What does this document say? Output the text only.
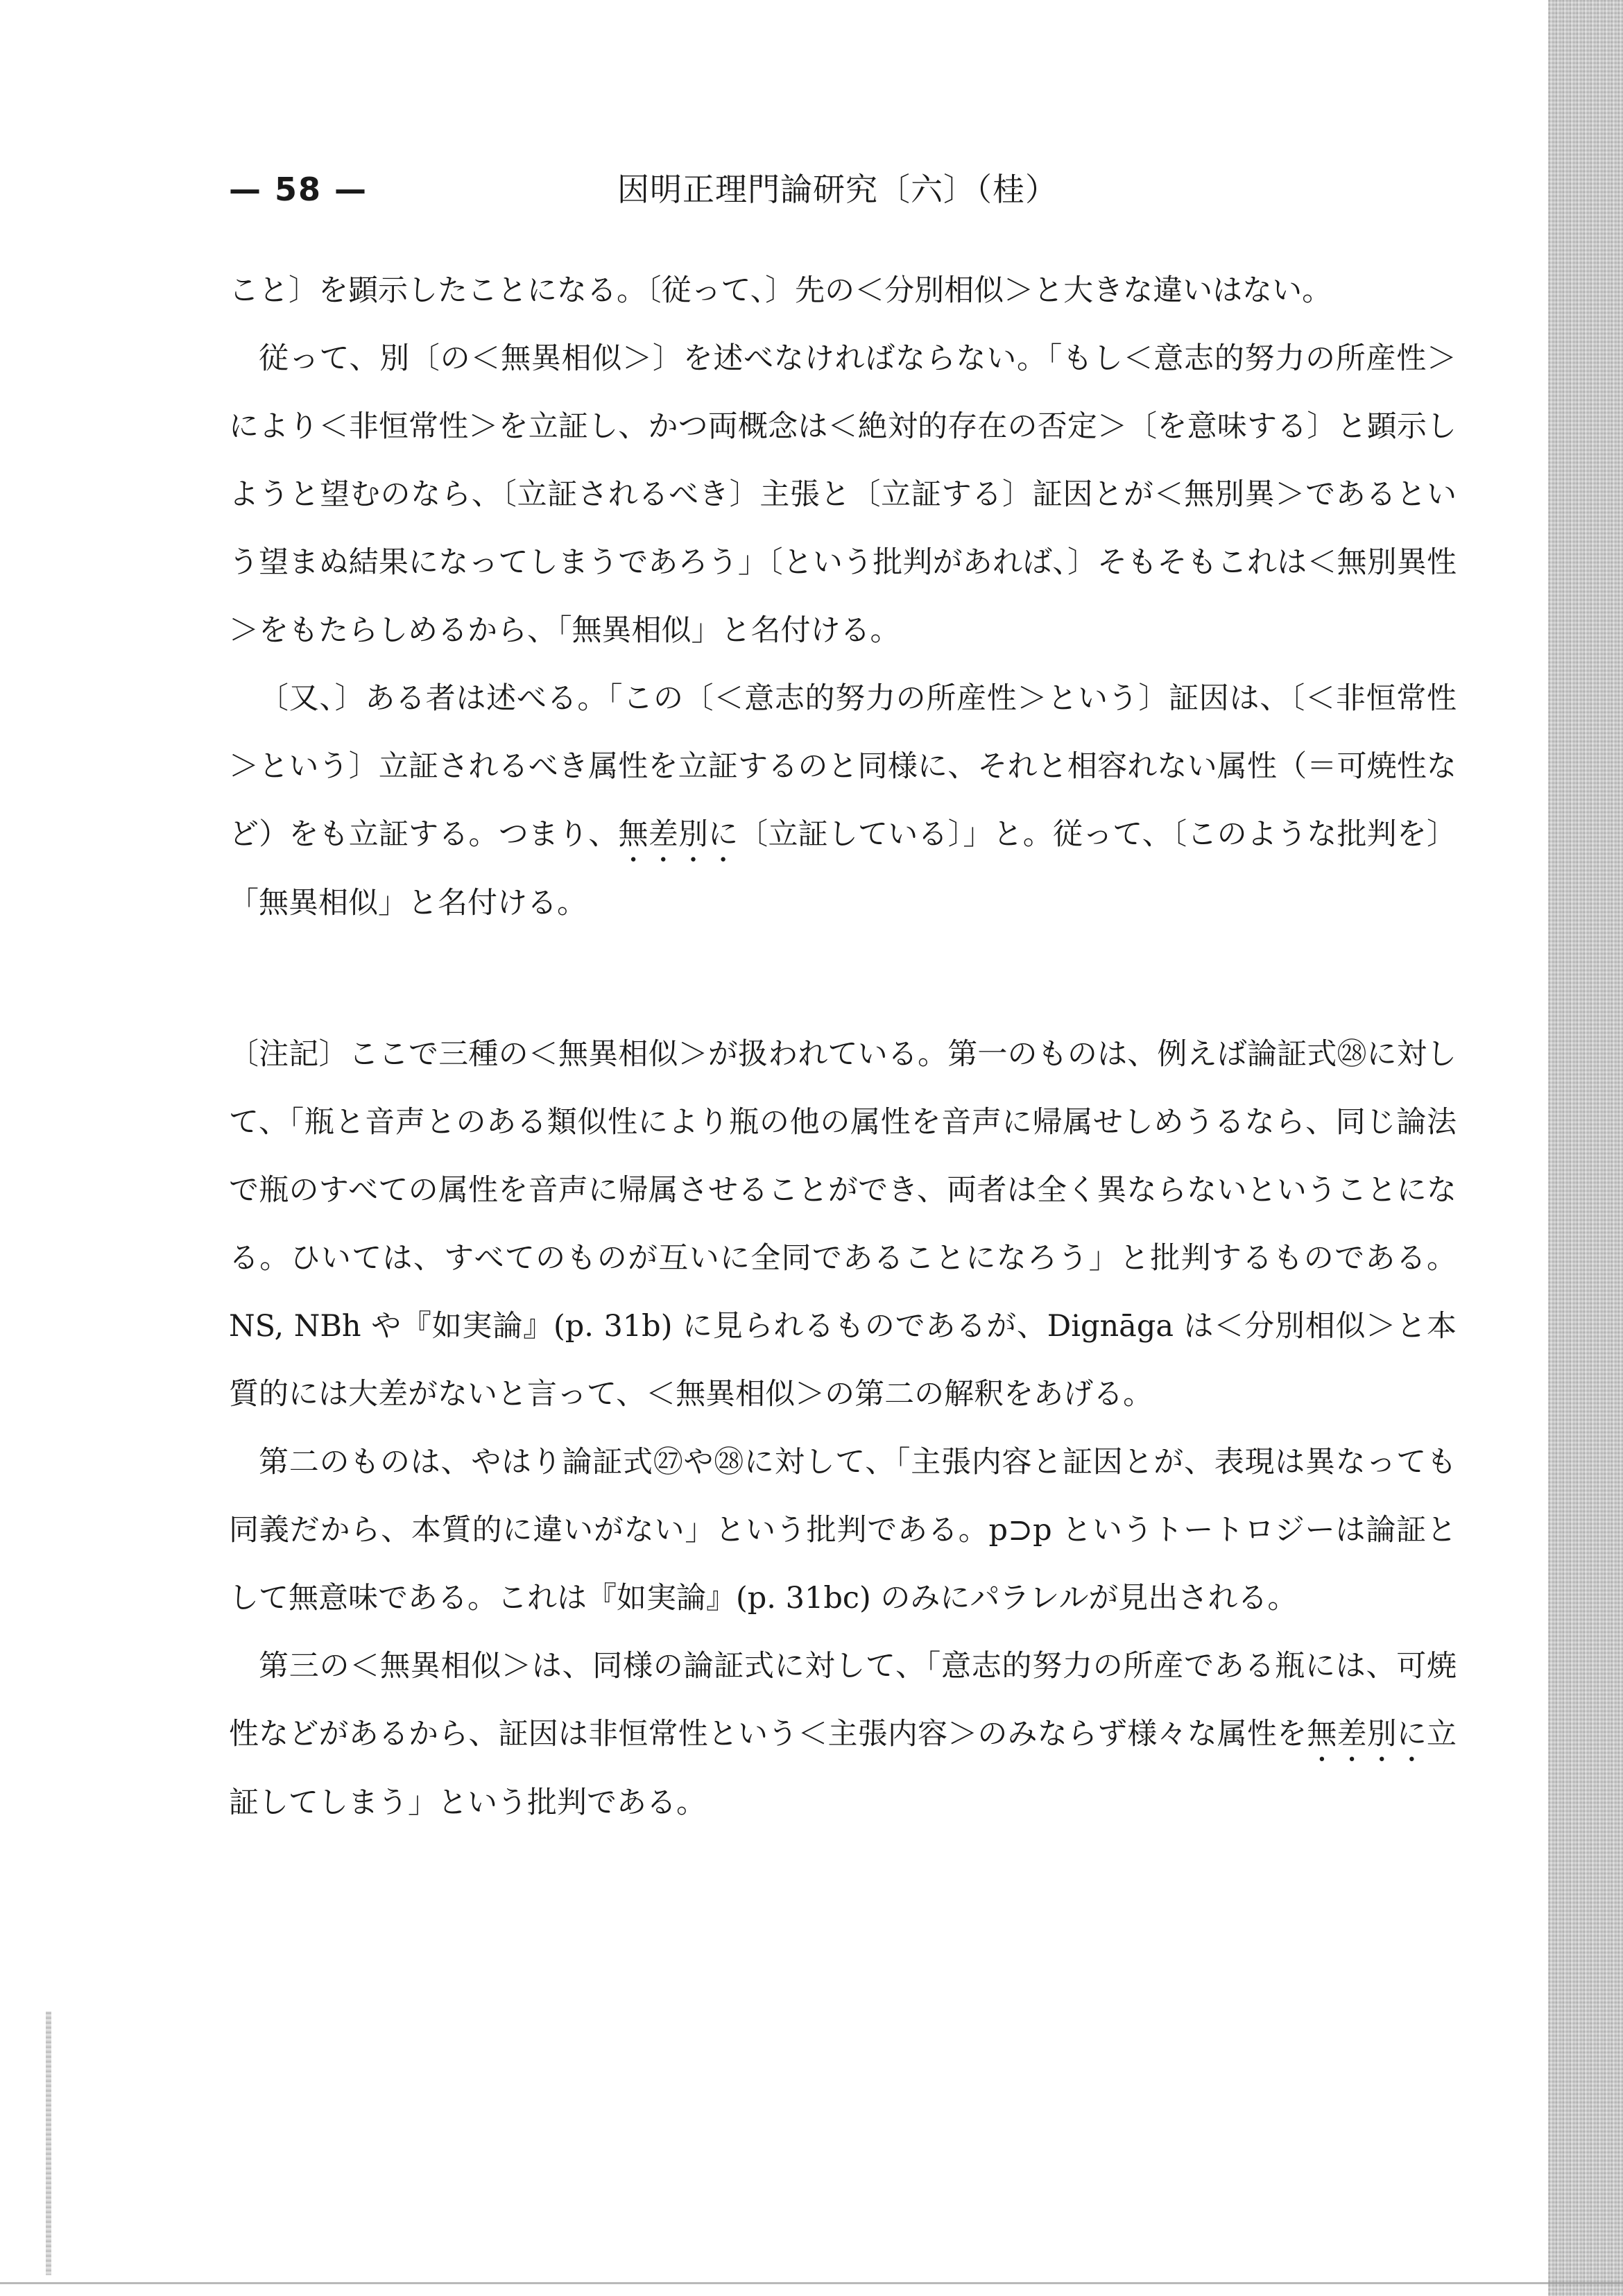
— 58 —	因明正理門論研究〔六〕（桂）

こと〕を顕示したことになる。〔従って、〕先の＜分別相似＞と大きな違いはない。

従って、別〔の＜無異相似＞〕を述べなければならない。「もし＜意志的努力の所産性＞により＜非恒常性＞を立証し、かつ両概念は＜絶対的存在の否定＞〔を意味する〕と顕示しようと望むのなら、〔立証されるべき〕主張と〔立証する〕証因とが＜無別異＞であるという望まぬ結果になってしまうであろう」〔という批判があれば、〕そもそもこれは＜無別異性＞をもたらしめるから、「無異相似」と名付ける。

〔又、〕ある者は述べる。「この〔＜意志的努力の所産性＞という〕証因は、〔＜非恒常性＞という〕立証されるべき属性を立証するのと同様に、それと相容れない属性（＝可焼性など）をも立証する。つまり、無差別に〔立証している〕」と。従って、〔このような批判を〕「無異相似」と名付ける。

〔注記〕ここで三種の＜無異相似＞が扱われている。第一のものは、例えば論証式㉘に対して、「瓶と音声とのある類似性により瓶の他の属性を音声に帰属せしめうるなら、同じ論法で瓶のすべての属性を音声に帰属させることができ、両者は全く異ならないということになる。ひいては、すべてのものが互いに全同であることになろう」と批判するものである。NS, NBh や『如実論』(p. 31b) に見られるものであるが、Dignāga は＜分別相似＞と本質的には大差がないと言って、＜無異相似＞の第二の解釈をあげる。

第二のものは、やはり論証式㉗や㉘に対して、「主張内容と証因とが、表現は異なっても同義だから、本質的に違いがない」という批判である。p⊃p というトートロジーは論証として無意味である。これは『如実論』(p. 31bc) のみにパラレルが見出される。

第三の＜無異相似＞は、同様の論証式に対して、「意志的努力の所産である瓶には、可焼性などがあるから、証因は非恒常性という＜主張内容＞のみならず様々な属性を無差別に立証してしまう」という批判である。
